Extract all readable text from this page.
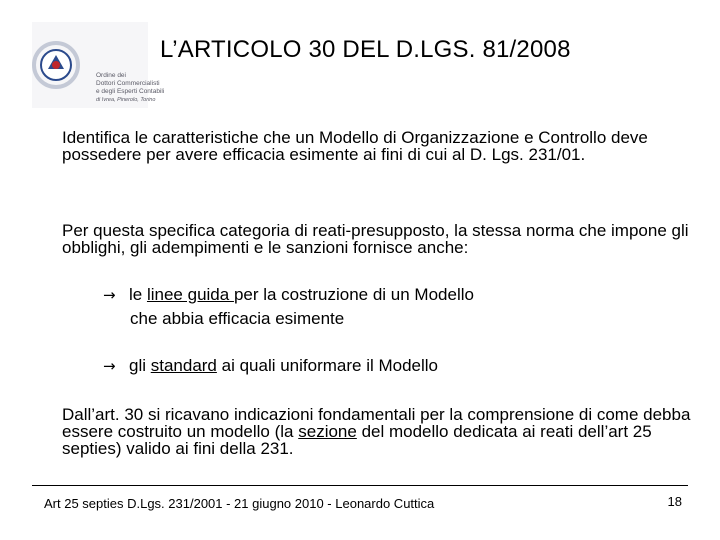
Ordine dei
Dottori Commercialisti
e degli Esperti Contabili
di Ivrea, Pinerolo, Torino
L’ARTICOLO 30 DEL D.LGS. 81/2008
Identifica le caratteristiche che un Modello di Organizzazione e Controllo deve possedere per avere efficacia esimente ai fini di cui al D. Lgs. 231/01.
Per questa specifica categoria di reati-presupposto, la stessa norma che impone gli obblighi, gli adempimenti e le sanzioni fornisce anche:
→ le linee guida per la costruzione di un Modello
che abbia efficacia esimente
→ gli standard ai quali uniformare il Modello
Dall’art. 30 si ricavano indicazioni fondamentali per la comprensione di come debba essere costruito un modello (la sezione del modello dedicata ai reati dell’art 25 septies) valido ai fini della 231.
Art 25 septies D.Lgs. 231/2001 - 21 giugno 2010 - Leonardo Cuttica	18
